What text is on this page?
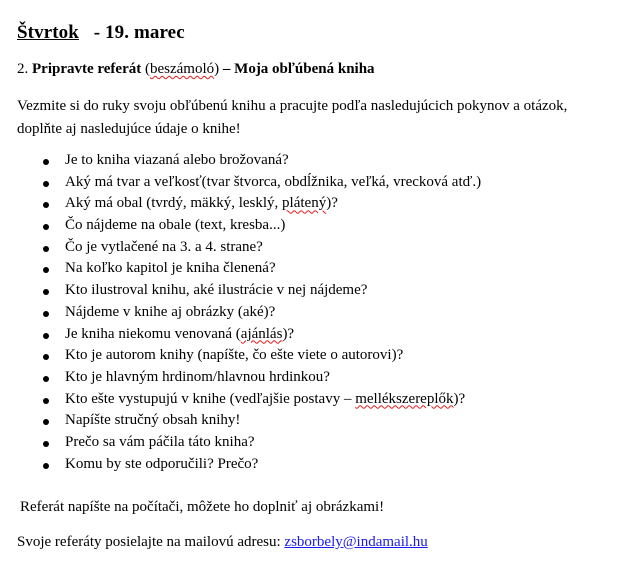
Štvrtok - 19. marec
2. Pripravte referát (beszámoló) – Moja obľúbená kniha
Vezmite si do ruky svoju obľúbenú knihu a pracujte podľa nasledujúcich pokynov a otázok,
doplňte aj nasledujúce údaje o knihe!
Je to kniha viazaná alebo brožovaná?
Aký má tvar a veľkosť(tvar štvorca, obdĺžnika, veľká, vrecková atď.)
Aký má obal (tvrdý, mäkký, lesklý, plátený)?
Čo nájdeme na obale (text, kresba...)
Čo je vytlačené na 3. a 4. strane?
Na koľko kapitol je kniha členená?
Kto ilustroval knihu, aké ilustrácie v nej nájdeme?
Nájdeme v knihe aj obrázky (aké)?
Je kniha niekomu venovaná (ajánlás)?
Kto je autorom knihy (napíšte, čo ešte viete o autorovi)?
Kto je hlavným hrdinom/hlavnou hrdinkou?
Kto ešte vystupujú v knihe (vedľajšie postavy – mellékszereplők)?
Napíšte stručný obsah knihy!
Prečo sa vám páčila táto kniha?
Komu by ste odporučili? Prečo?
Referát napíšte na počítači, môžete ho doplniť aj obrázkami!
Svoje referáty posielajte na mailovú adresu: zsborbely@indamail.hu
